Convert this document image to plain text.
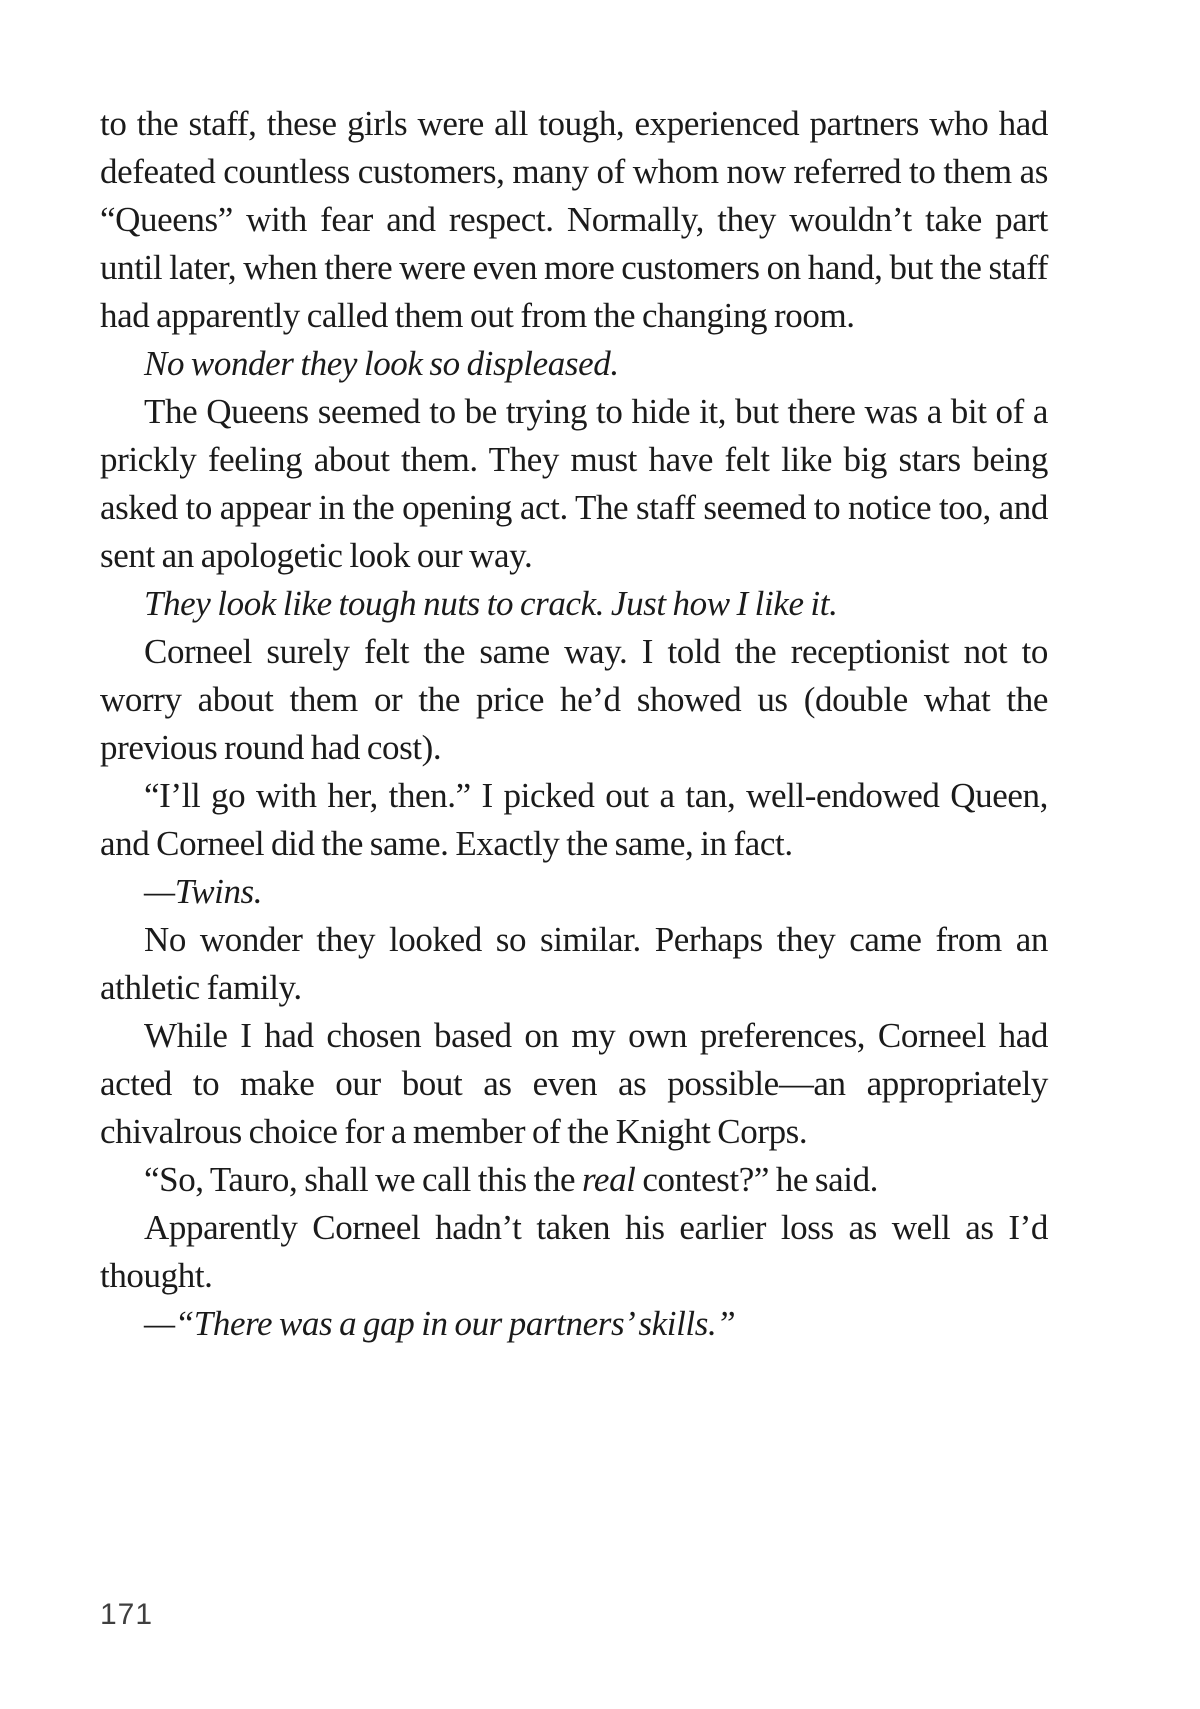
to the staff, these girls were all tough, experienced partners who had defeated countless customers, many of whom now referred to them as “Queens” with fear and respect. Normally, they wouldn’t take part until later, when there were even more customers on hand, but the staff had apparently called them out from the changing room.

No wonder they look so displeased.

The Queens seemed to be trying to hide it, but there was a bit of a prickly feeling about them. They must have felt like big stars being asked to appear in the opening act. The staff seemed to notice too, and sent an apologetic look our way.

They look like tough nuts to crack. Just how I like it.

Corneel surely felt the same way. I told the receptionist not to worry about them or the price he’d showed us (double what the previous round had cost).

“I’ll go with her, then.” I picked out a tan, well-endowed Queen, and Corneel did the same. Exactly the same, in fact.

—Twins.

No wonder they looked so similar. Perhaps they came from an athletic family.

While I had chosen based on my own preferences, Corneel had acted to make our bout as even as possible—an appropriately chivalrous choice for a member of the Knight Corps.

“So, Tauro, shall we call this the real contest?” he said.

Apparently Corneel hadn’t taken his earlier loss as well as I’d thought.

—“There was a gap in our partners’ skills.”

171
